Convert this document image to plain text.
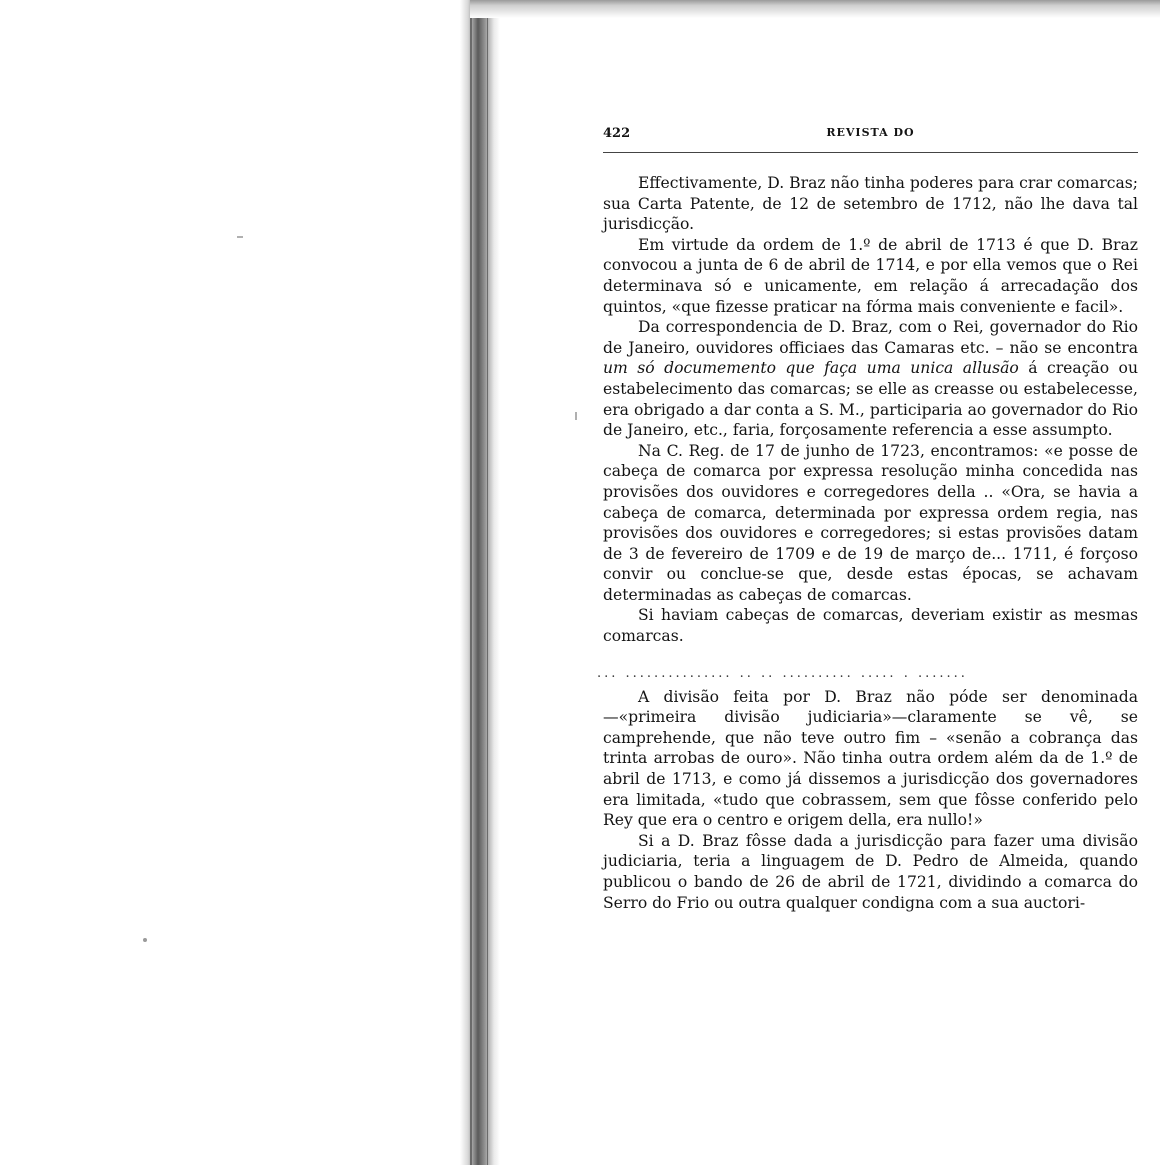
422	REVISTA DO

Effectivamente, D. Braz não tinha poderes para crar comarcas; sua Carta Patente, de 12 de setembro de 1712, não lhe dava tal jurisdicção.

Em virtude da ordem de 1.º de abril de 1713 é que D. Braz convocou a junta de 6 de abril de 1714, e por ella vemos que o Rei determinava só e unicamente, em relação á arrecadação dos quintos, «que fizesse praticar na fórma mais conveniente e facil».

Da correspondencia de D. Braz, com o Rei, governador do Rio de Janeiro, ouvidores officiaes das Camaras etc. – não se encontra um só documemento que faça uma unica allusão á creação ou estabelecimento das comarcas; se elle as creasse ou estabelecesse, era obrigado a dar conta a S. M., participaria ao governador do Rio de Janeiro, etc., faria, forçosamente referencia a esse assumpto.

Na C. Reg. de 17 de junho de 1723, encontramos: «e posse de cabeça de comarca por expressa resolução minha concedida nas provisões dos ouvidores e corregedores della .. «Ora, se havia a cabeça de comarca, determinada por expressa ordem regia, nas provisões dos ouvidores e corregedores; si estas provisões datam de 3 de fevereiro de 1709 e de 19 de março de... 1711, é forçoso convir ou conclue-se que, desde estas épocas, se achavam determinadas as cabeças de comarcas.

Si haviam cabeças de comarcas, deveriam existir as mesmas comarcas.

... ............... .. .. .......... ..... . .......

A divisão feita por D. Braz não póde ser denominada—«primeira divisão judiciaria»—claramente se vê, se camprehende, que não teve outro fim – «senão a cobrança das trinta arrobas de ouro». Não tinha outra ordem além da de 1.º de abril de 1713, e como já dissemos a jurisdicção dos governadores era limitada, «tudo que cobrassem, sem que fôsse conferido pelo Rey que era o centro e origem della, era nullo!»

Si a D. Braz fôsse dada a jurisdicção para fazer uma divisão judiciaria, teria a linguagem de D. Pedro de Almeida, quando publicou o bando de 26 de abril de 1721, dividindo a comarca do Serro do Frio ou outra qualquer condigna com a sua auctori-
